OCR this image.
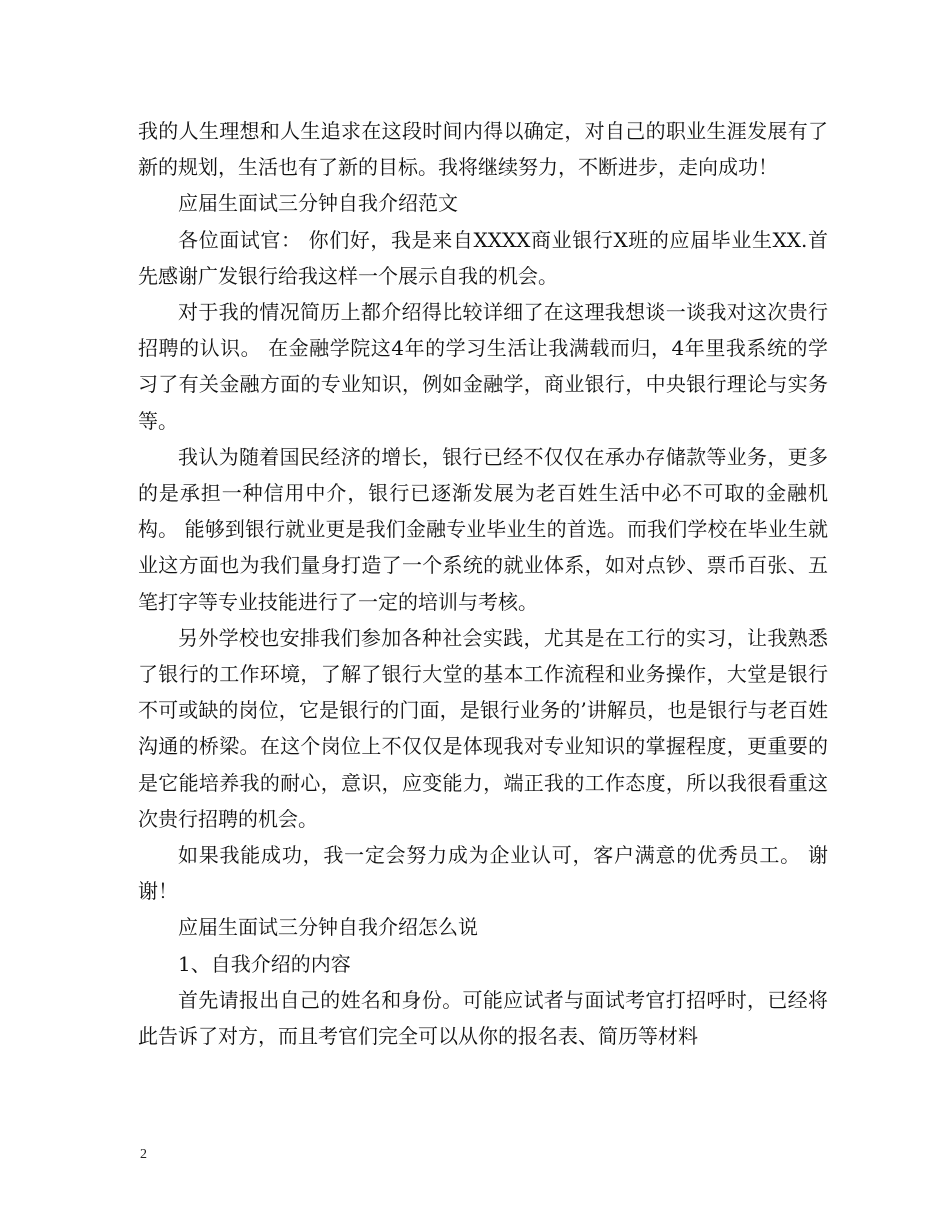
我的人生理想和人生追求在这段时间内得以确定，对自己的职业生涯发展有了新的规划，生活也有了新的目标。我将继续努力，不断进步，走向成功！

应届生面试三分钟自我介绍范文

各位面试官： 你们好，我是来自XXXX商业银行X班的应届毕业生XX.首先感谢广发银行给我这样一个展示自我的机会。

对于我的情况简历上都介绍得比较详细了在这理我想谈一谈我对这次贵行招聘的认识。 在金融学院这4年的学习生活让我满载而归，4年里我系统的学习了有关金融方面的专业知识，例如金融学，商业银行，中央银行理论与实务等。

我认为随着国民经济的增长，银行已经不仅仅在承办存储款等业务，更多的是承担一种信用中介，银行已逐渐发展为老百姓生活中必不可取的金融机构。 能够到银行就业更是我们金融专业毕业生的首选。而我们学校在毕业生就业这方面也为我们量身打造了一个系统的就业体系，如对点钞、票币百张、五笔打字等专业技能进行了一定的培训与考核。

另外学校也安排我们参加各种社会实践，尤其是在工行的实习，让我熟悉了银行的工作环境，了解了银行大堂的基本工作流程和业务操作，大堂是银行不可或缺的岗位，它是银行的门面，是银行业务的’讲解员，也是银行与老百姓沟通的桥梁。在这个岗位上不仅仅是体现我对专业知识的掌握程度，更重要的是它能培养我的耐心，意识，应变能力，端正我的工作态度，所以我很看重这次贵行招聘的机会。

如果我能成功，我一定会努力成为企业认可，客户满意的优秀员工。 谢谢！

应届生面试三分钟自我介绍怎么说

1、自我介绍的内容

首先请报出自己的姓名和身份。可能应试者与面试考官打招呼时，已经将此告诉了对方，而且考官们完全可以从你的报名表、简历等材料

2
